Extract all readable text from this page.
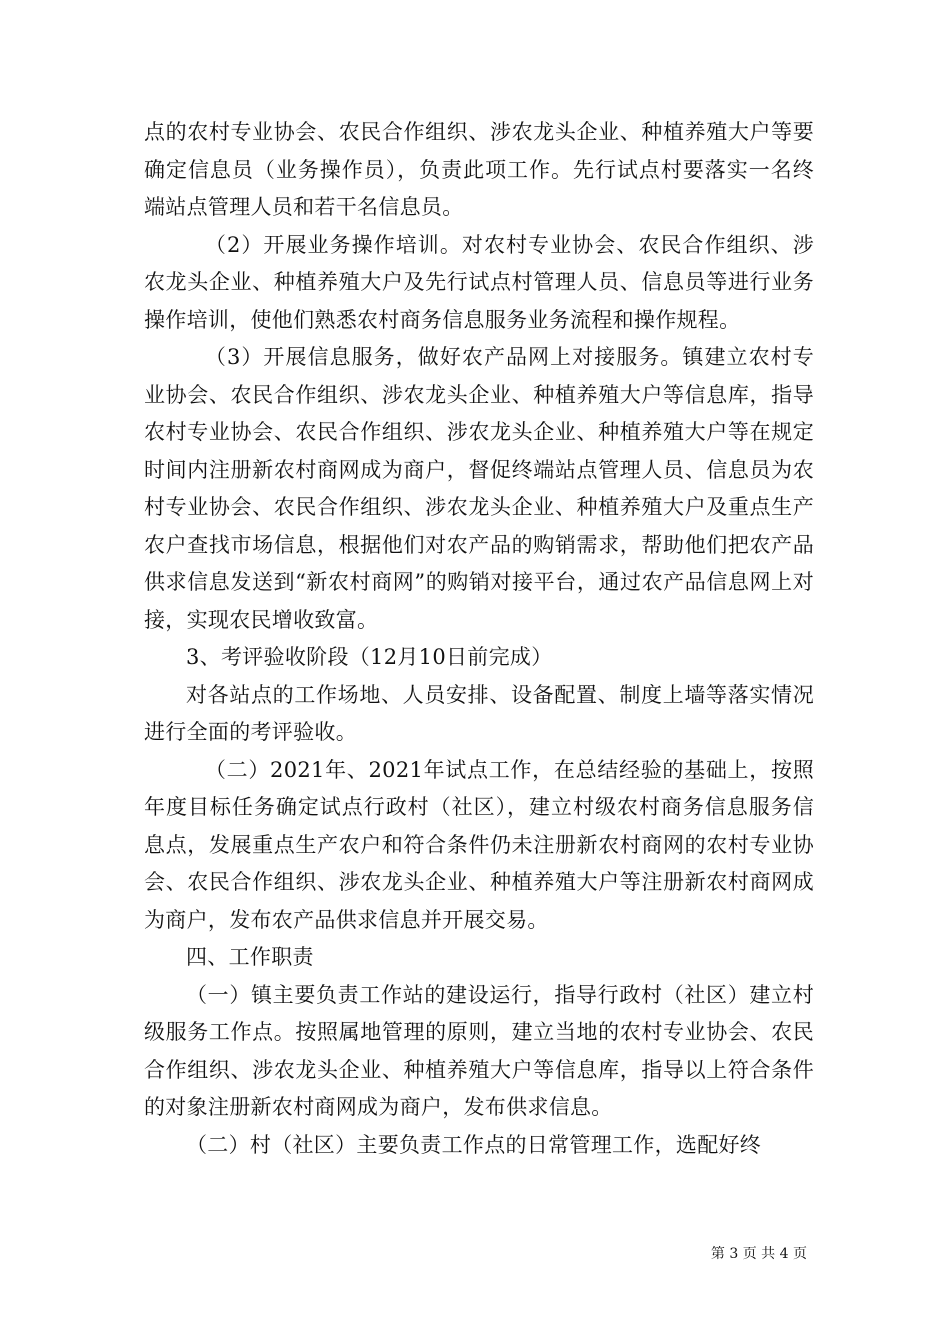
点的农村专业协会、农民合作组织、涉农龙头企业、种植养殖大户等要确定信息员（业务操作员），负责此项工作。先行试点村要落实一名终端站点管理人员和若干名信息员。

（2）开展业务操作培训。对农村专业协会、农民合作组织、涉农龙头企业、种植养殖大户及先行试点村管理人员、信息员等进行业务操作培训，使他们熟悉农村商务信息服务业务流程和操作规程。

（3）开展信息服务，做好农产品网上对接服务。镇建立农村专业协会、农民合作组织、涉农龙头企业、种植养殖大户等信息库，指导农村专业协会、农民合作组织、涉农龙头企业、种植养殖大户等在规定时间内注册新农村商网成为商户，督促终端站点管理人员、信息员为农村专业协会、农民合作组织、涉农龙头企业、种植养殖大户及重点生产农户查找市场信息，根据他们对农产品的购销需求，帮助他们把农产品供求信息发送到“新农村商网”的购销对接平台，通过农产品信息网上对接，实现农民增收致富。

3、考评验收阶段（12月10日前完成）

对各站点的工作场地、人员安排、设备配置、制度上墙等落实情况进行全面的考评验收。

（二）2021年、2021年试点工作，在总结经验的基础上，按照年度目标任务确定试点行政村（社区），建立村级农村商务信息服务信息点，发展重点生产农户和符合条件仍未注册新农村商网的农村专业协会、农民合作组织、涉农龙头企业、种植养殖大户等注册新农村商网成为商户，发布农产品供求信息并开展交易。

四、工作职责

（一）镇主要负责工作站的建设运行，指导行政村（社区）建立村级服务工作点。按照属地管理的原则，建立当地的农村专业协会、农民合作组织、涉农龙头企业、种植养殖大户等信息库，指导以上符合条件的对象注册新农村商网成为商户，发布供求信息。

（二）村（社区）主要负责工作点的日常管理工作，选配好终

第 3 页 共 4 页
